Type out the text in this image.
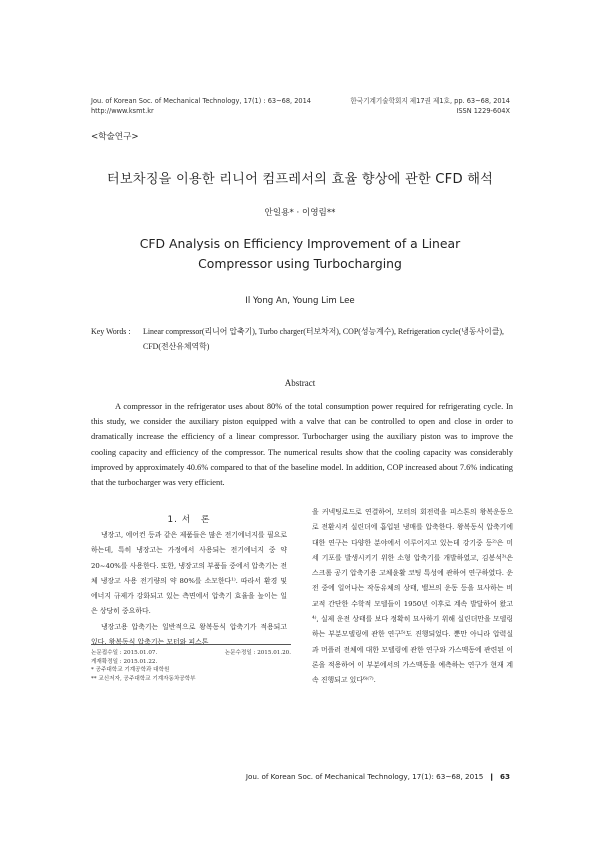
Jou. of Korean Soc. of Mechanical Technology, 17(1) : 63~68, 2014
http://www.ksmt.kr
한국기계기술학회지 제17권 제1호, pp. 63~68, 2014
ISSN 1229-604X
<학술연구>
터보차징을 이용한 리니어 컴프레서의 효율 향상에 관한 CFD 해석
안일용* · 이영림**
CFD Analysis on Efficiency Improvement of a Linear
Compressor using Turbocharging
Il Yong An, Young Lim Lee
Key Words :	Linear compressor(리니어 압축기), Turbo charger(터보차저), COP(성능계수), Refrigeration cycle(냉동사이클),
CFD(전산유체역학)
Abstract
A compressor in the refrigerator uses about 80% of the total consumption power required for refrigerating cycle. In this study, we consider the auxiliary piston equipped with a valve that can be controlled to open and close in order to dramatically increase the efficiency of a linear compressor. Turbocharger using the auxiliary piston was to improve the cooling capacity and efficiency of the compressor. The numerical results show that the cooling capacity was considerably improved by approximately 40.6% compared to that of the baseline model. In addition, COP increased about 7.6% indicating that the turbocharger was very efficient.
1. 서　론

냉장고, 에어컨 등과 같은 제품들은 많은 전기에너지를 필요로 하는데, 특히 냉장고는 가정에서 사용되는 전기에너지 중 약 20~40%를 사용한다. 또한, 냉장고의 부품들 중에서 압축기는 전체 냉장고 사용 전기량의 약 80%를 소모한다¹⁾. 따라서 환경 및 에너지 규제가 강화되고 있는 측면에서 압축기 효율을 높이는 일은 상당히 중요하다.

냉장고용 압축기는 일반적으로 왕복동식 압축기가 적용되고 있다. 왕복동식 압축기는 모터와 피스톤

논문접수일 : 2015.01.07.	논문수정일 : 2015.01.20.
게재확정일 : 2015.01.22.
* 공주대학교 기계공학과 대학원
** 교신저자, 공주대학교 기계자동차공학부

을 커넥팅로드로 연결하여, 모터의 회전력을 피스톤의 왕복운동으로 전환시켜 실린더에 흡입된 냉매를 압축한다. 왕복동식 압축기에 대한 연구는 다양한 분야에서 이루어지고 있는데 강기중 등²⁾은 미세 기포를 발생시키기 위한 소형 압축기를 개발하였고, 김봉석³⁾은 스크롤 공기 압축기용 고체윤활 코팅 특성에 관하여 연구하였다. 운전 중에 일어나는 작동유체의 상태, 밸브의 운동 등을 묘사하는 비교적 간단한 수학적 모델들이 1950년 이후로 계속 발달하여 왔고⁴⁾, 실제 운전 상태를 보다 정확히 묘사하기 위해 실린더만을 모델링하는 부분모델링에 관한 연구⁵⁾도 진행되었다. 뿐만 아니라 압력실과 머플러 전체에 대한 모델링에 관한 연구와 가스맥동에 관련된 이론을 적용하여 이 부분에서의 가스맥동을 예측하는 연구가 현재 계속 진행되고 있다⁶⁾⁽⁷⁾.

Jou. of Korean Soc. of Mechanical Technology, 17(1): 63~68, 2015 ❙ 63
